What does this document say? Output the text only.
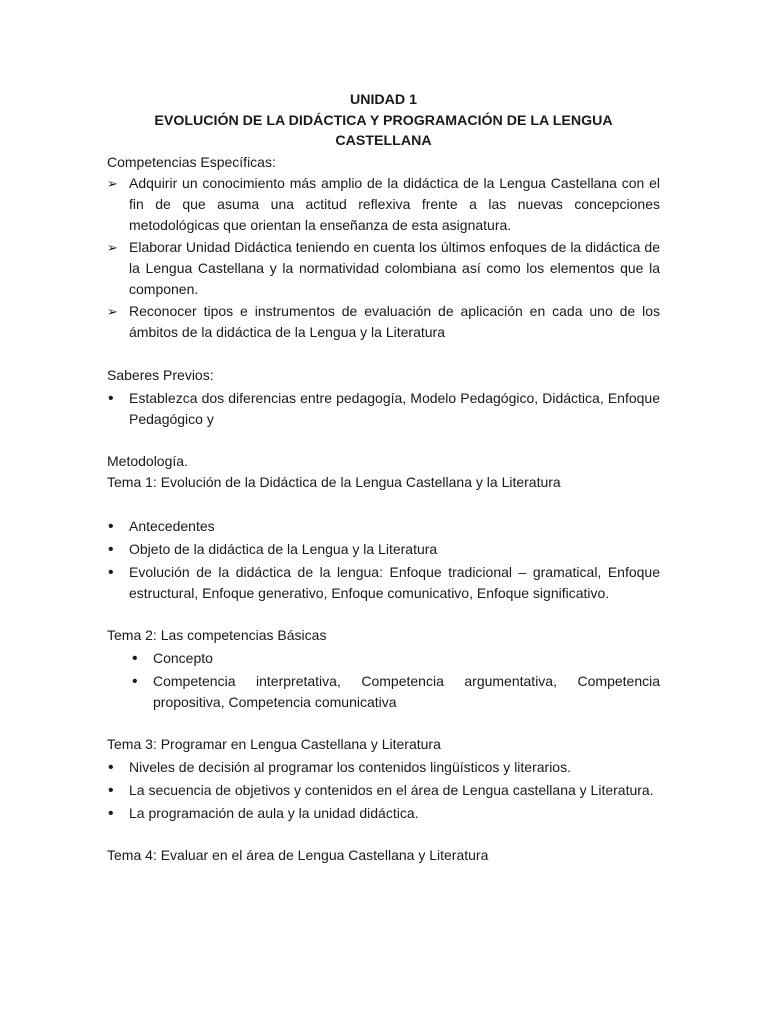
UNIDAD 1
EVOLUCIÓN DE LA DIDÁCTICA Y PROGRAMACIÓN DE LA LENGUA
CASTELLANA

Competencias Específicas:

➢ Adquirir un conocimiento más amplio de la didáctica de la Lengua Castellana con el fin de que asuma una actitud reflexiva frente a las nuevas concepciones metodológicas que orientan la enseñanza de esta asignatura.
➢ Elaborar Unidad Didáctica teniendo en cuenta los últimos enfoques de la didáctica de la Lengua Castellana y la normatividad colombiana así como los elementos que la componen.
➢ Reconocer tipos e instrumentos de evaluación de aplicación en cada uno de los ámbitos de la didáctica de la Lengua y la Literatura

Saberes Previos:

• Establezca dos diferencias entre pedagogía, Modelo Pedagógico, Didáctica, Enfoque Pedagógico y

Metodología.

Tema 1: Evolución de la Didáctica de la Lengua Castellana y la Literatura

• Antecedentes
• Objeto de la didáctica de la Lengua y la Literatura
• Evolución de la didáctica de la lengua: Enfoque tradicional – gramatical, Enfoque estructural, Enfoque generativo, Enfoque comunicativo, Enfoque significativo.

Tema 2: Las competencias Básicas

• Concepto
• Competencia interpretativa, Competencia argumentativa, Competencia propositiva, Competencia comunicativa

Tema 3: Programar en Lengua Castellana y Literatura

• Niveles de decisión al programar los contenidos lingüísticos y literarios.
• La secuencia de objetivos y contenidos en el área de Lengua castellana y Literatura.
• La programación de aula y la unidad didáctica.

Tema 4: Evaluar en el área de Lengua Castellana y Literatura
